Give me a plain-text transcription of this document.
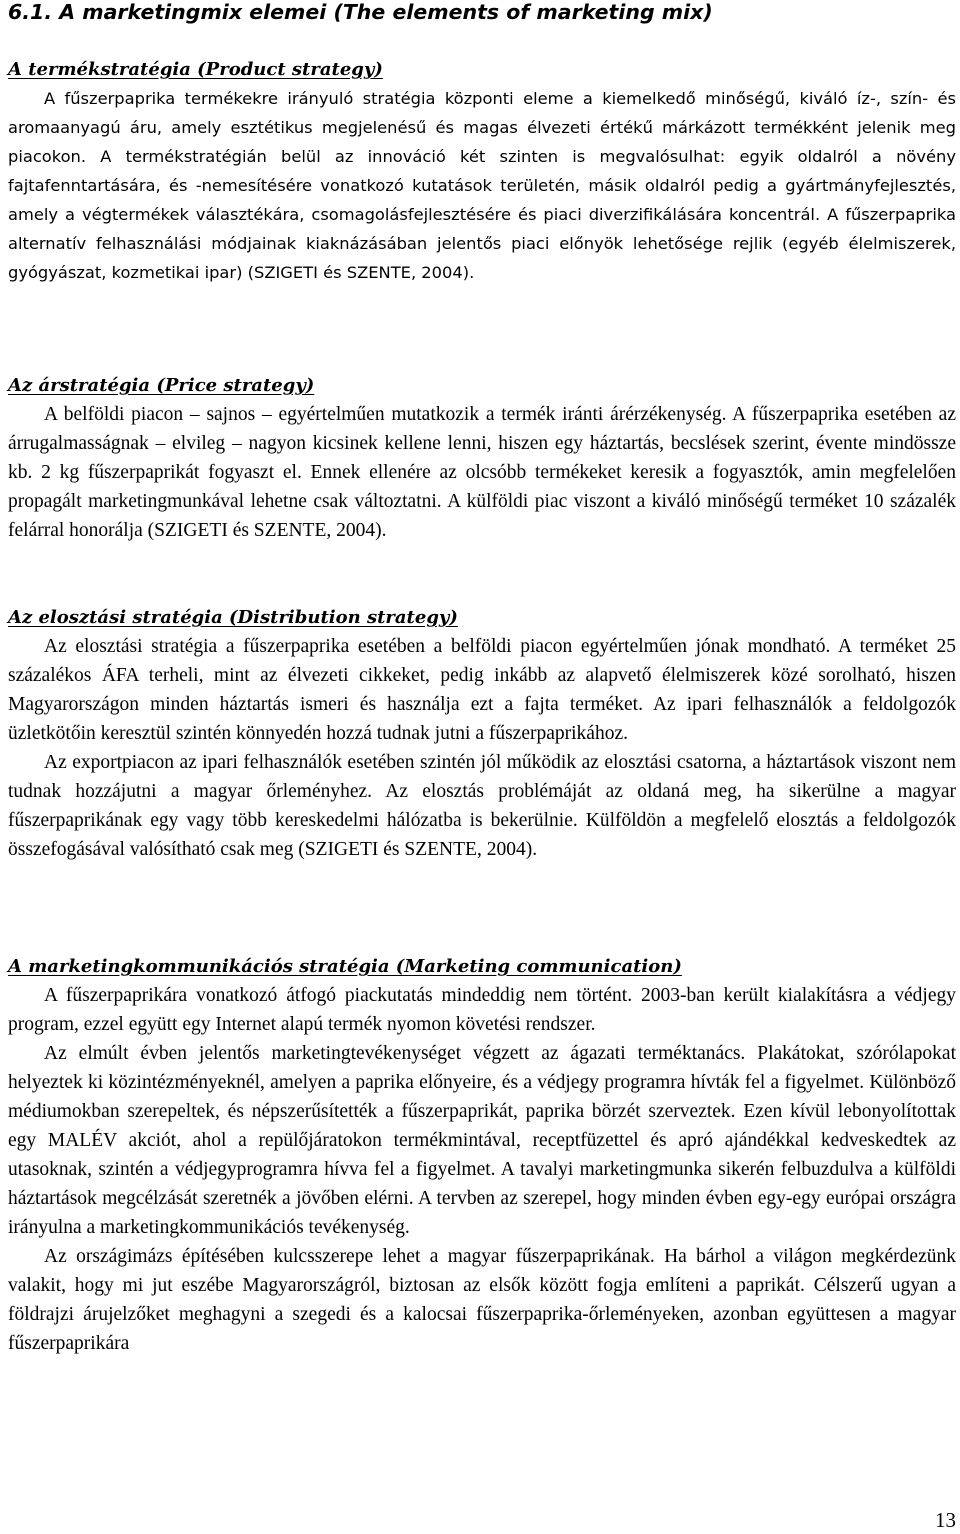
6.1. A marketingmix elemei (The elements of marketing mix)
A termékstratégia (Product strategy)

A fűszerpaprika termékekre irányuló stratégia központi eleme a kiemelkedő minőségű, kiváló íz-, szín- és aromaanyagú áru, amely esztétikus megjelenésű és magas élvezeti értékű márkázott termékként jelenik meg piacokon. A termékstratégián belül az innováció két szinten is megvalósulhat: egyik oldalról a növény fajtafenntartására, és -nemesítésére vonatkozó kutatások területén, másik oldalról pedig a gyártmányfejlesztés, amely a végtermékek választékára, csomagolásfejlesztésére és piaci diverzifikálására koncentrál. A fűszerpaprika alternatív felhasználási módjainak kiaknázásában jelentős piaci előnyök lehetősége rejlik (egyéb élelmiszerek, gyógyászat, kozmetikai ipar) (SZIGETI és SZENTE, 2004).

Az árstratégia (Price strategy)

A belföldi piacon – sajnos – egyértelműen mutatkozik a termék iránti árérzékenység. A fűszerpaprika esetében az árrugalmasságnak – elvileg – nagyon kicsinek kellene lenni, hiszen egy háztartás, becslések szerint, évente mindössze kb. 2 kg fűszerpaprikát fogyaszt el. Ennek ellenére az olcsóbb termékeket keresik a fogyasztók, amin megfelelően propagált marketingmunkával lehetne csak változtatni. A külföldi piac viszont a kiváló minőségű terméket 10 százalék felárral honorálja (SZIGETI és SZENTE, 2004).

Az elosztási stratégia (Distribution strategy)

Az elosztási stratégia a fűszerpaprika esetében a belföldi piacon egyértelműen jónak mondható. A terméket 25 százalékos ÁFA terheli, mint az élvezeti cikkeket, pedig inkább az alapvető élelmiszerek közé sorolható, hiszen Magyarországon minden háztartás ismeri és használja ezt a fajta terméket. Az ipari felhasználók a feldolgozók üzletkötőin keresztül szintén könnyedén hozzá tudnak jutni a fűszerpaprikához.

Az exportpiacon az ipari felhasználók esetében szintén jól működik az elosztási csatorna, a háztartások viszont nem tudnak hozzájutni a magyar őrleményhez. Az elosztás problémáját az oldaná meg, ha sikerülne a magyar fűszerpaprikának egy vagy több kereskedelmi hálózatba is bekerülnie. Külföldön a megfelelő elosztás a feldolgozók összefogásával valósítható csak meg (SZIGETI és SZENTE, 2004).

A marketingkommunikációs stratégia (Marketing communication)

A fűszerpaprikára vonatkozó átfogó piackutatás mindeddig nem történt. 2003-ban került kialakításra a védjegy program, ezzel együtt egy Internet alapú termék nyomon követési rendszer.

Az elmúlt évben jelentős marketingtevékenységet végzett az ágazati terméktanács. Plakátokat, szórólapokat helyeztek ki közintézményeknél, amelyen a paprika előnyeire, és a védjegy programra hívták fel a figyelmet. Különböző médiumokban szerepeltek, és népszerűsítették a fűszerpaprikát, paprika börzét szerveztek. Ezen kívül lebonyolítottak egy MALÉV akciót, ahol a repülőjáratokon termékmintával, receptfüzettel és apró ajándékkal kedveskedtek az utasoknak, szintén a védjegyprogramra hívva fel a figyelmet. A tavalyi marketingmunka sikerén felbuzdulva a külföldi háztartások megcélzását szeretnék a jövőben elérni. A tervben az szerepel, hogy minden évben egy-egy európai országra irányulna a marketingkommunikációs tevékenység.

Az országimázs építésében kulcsszerepe lehet a magyar fűszerpaprikának. Ha bárhol a világon megkérdezünk valakit, hogy mi jut eszébe Magyarországról, biztosan az elsők között fogja említeni a paprikát. Célszerű ugyan a földrajzi árujelzőket meghagyni a szegedi és a kalocsai fűszerpaprika-őrleményeken, azonban együttesen a magyar fűszerpaprikára

13
